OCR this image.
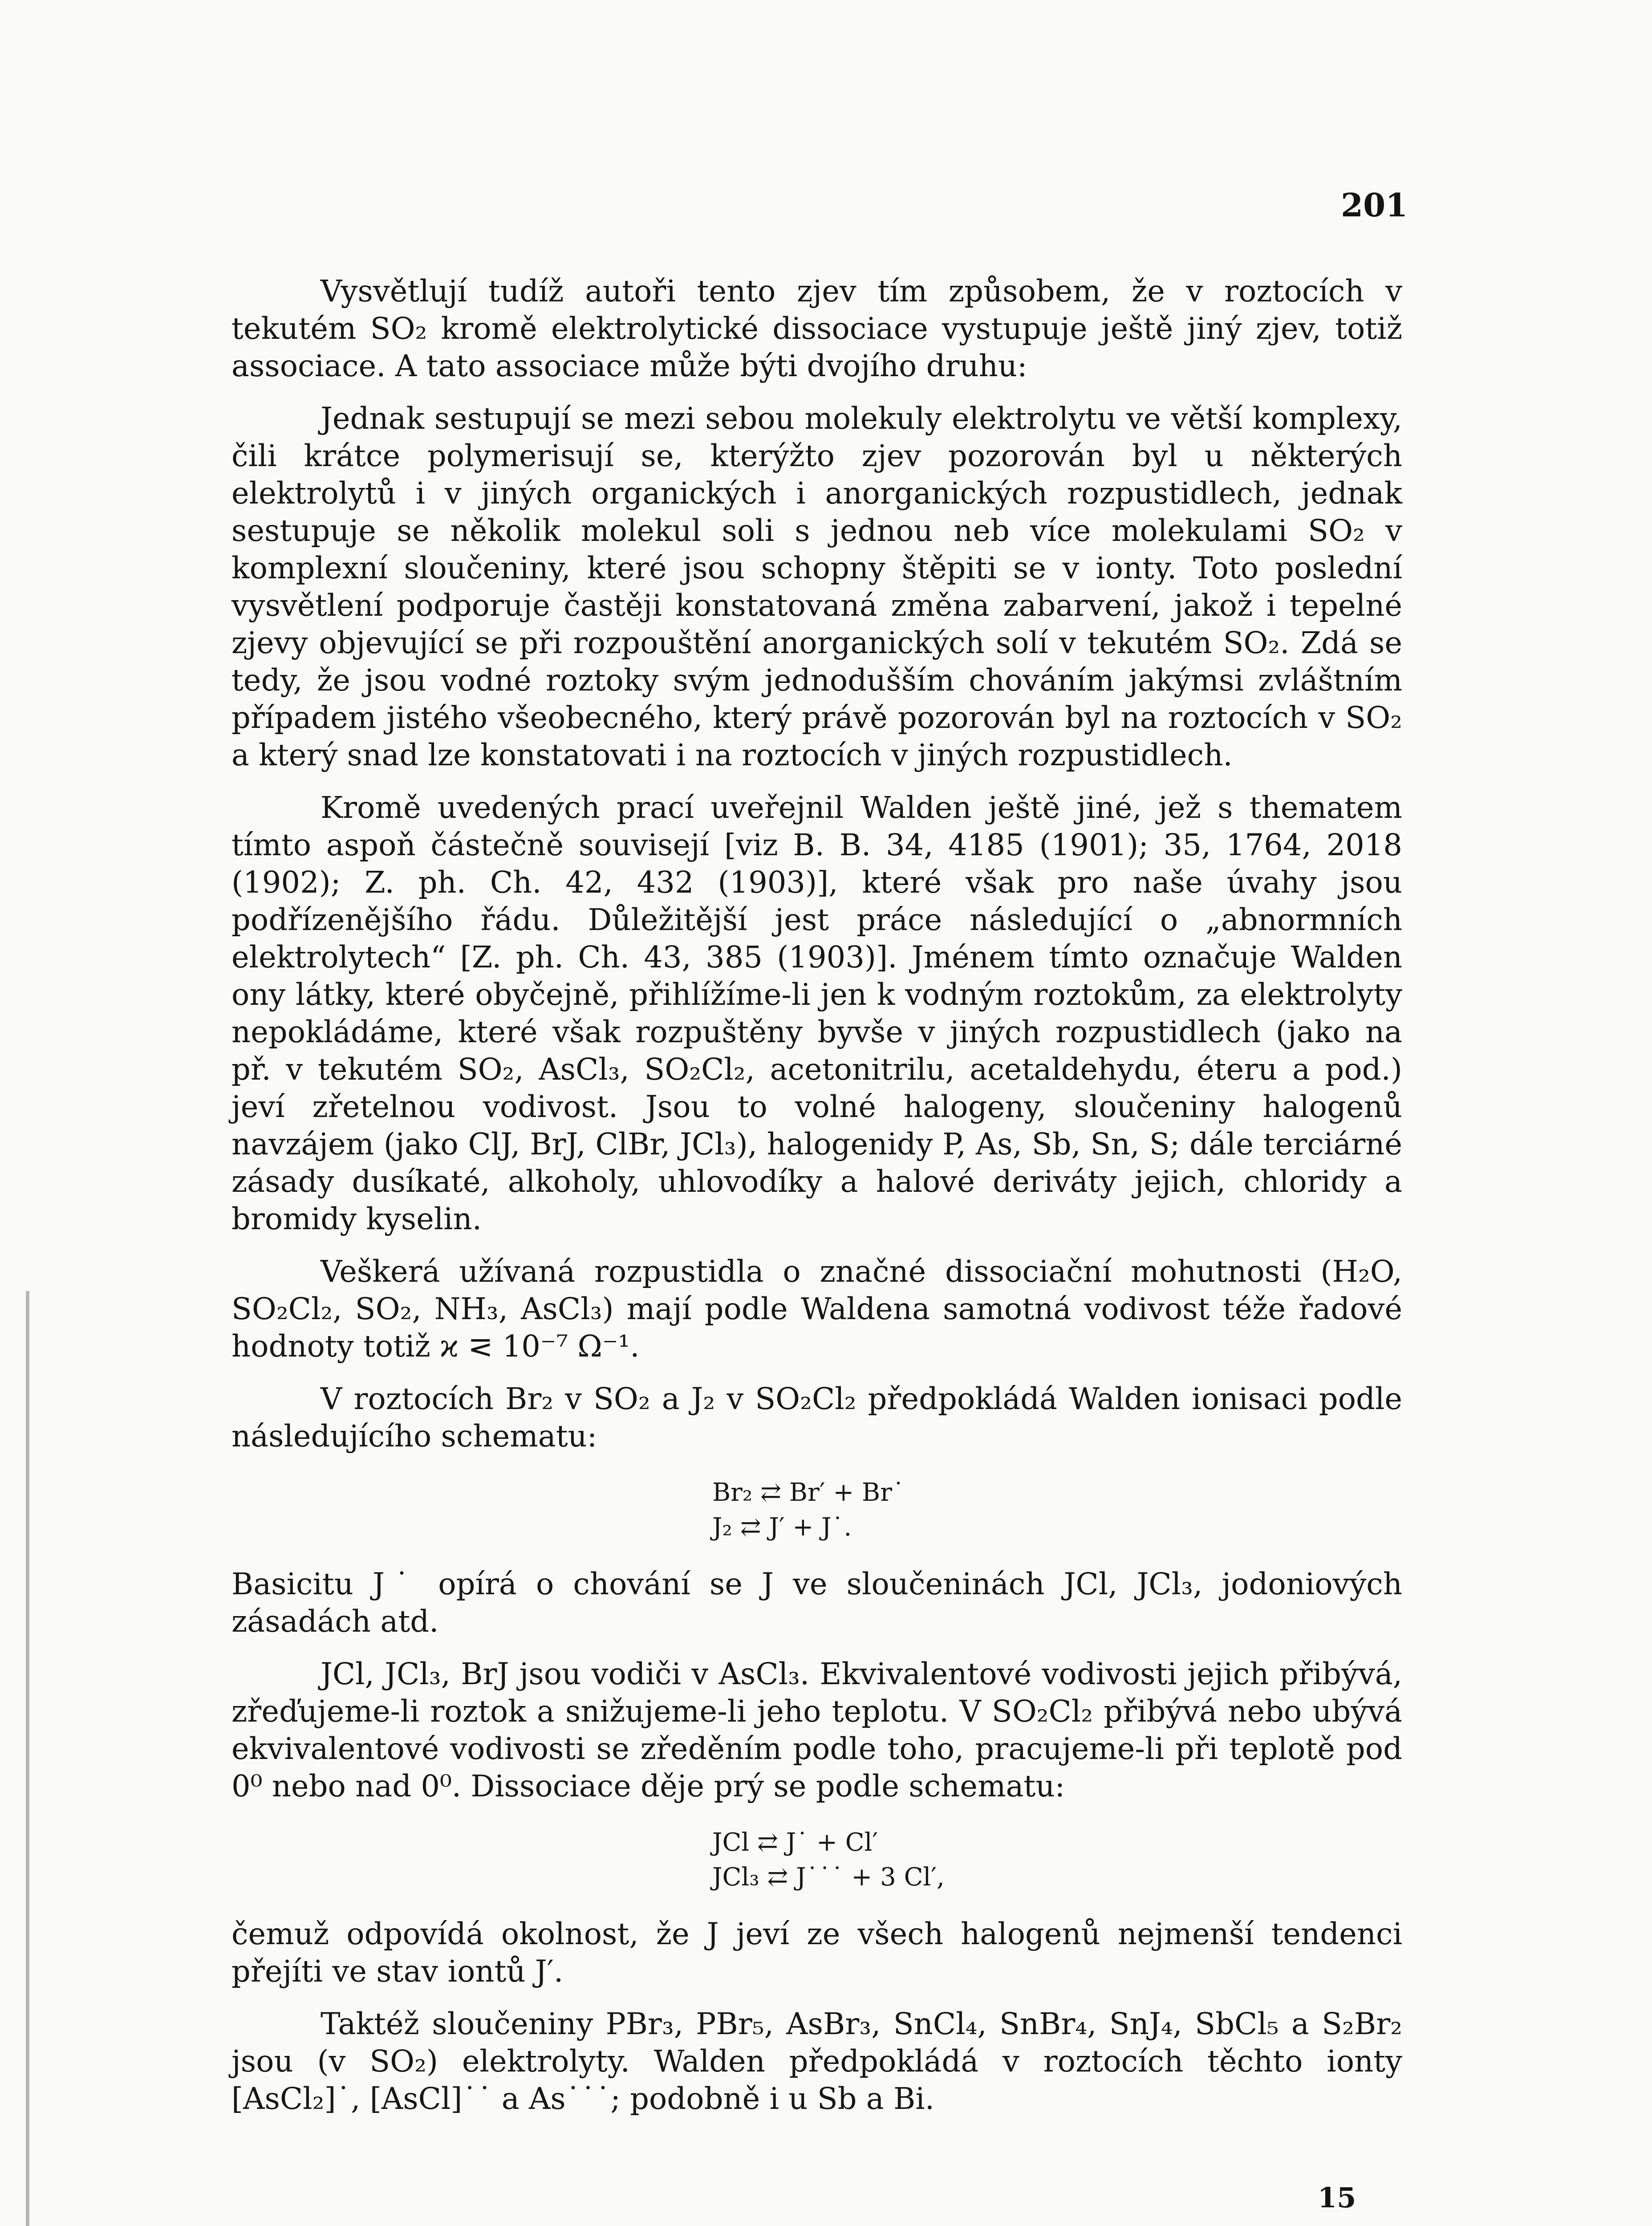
201

Vysvětlují tudíž autoři tento zjev tím způsobem, že v roztocích v tekutém SO₂ kromě elektrolytické dissociace vystupuje ještě jiný zjev, totiž associace. A tato associace může býti dvojího druhu:

Jednak sestupují se mezi sebou molekuly elektrolytu ve větší komplexy, čili krátce polymerisují se, kterýžto zjev pozorován byl u některých elektrolytů i v jiných organických i anorganických rozpustidlech, jednak sestupuje se několik molekul soli s jednou neb více molekulami SO₂ v komplexní sloučeniny, které jsou schopny štěpiti se v ionty. Toto poslední vysvětlení podporuje častěji konstatovaná změna zabarvení, jakož i tepelné zjevy objevující se při rozpouštění anorganických solí v tekutém SO₂. Zdá se tedy, že jsou vodné roztoky svým jednodušším chováním jakýmsi zvláštním případem jistého všeobecného, který právě pozorován byl na roztocích v SO₂ a který snad lze konstatovati i na roztocích v jiných rozpustidlech.

Kromě uvedených prací uveřejnil Walden ještě jiné, jež s thematem tímto aspoň částečně souvisejí [viz B. B. 34, 4185 (1901); 35, 1764, 2018 (1902); Z. ph. Ch. 42, 432 (1903)], které však pro naše úvahy jsou podřízenějšího řádu. Důležitější jest práce následující o „abnormních elektrolytech“ [Z. ph. Ch. 43, 385 (1903)]. Jménem tímto označuje Walden ony látky, které obyčejně, přihlížíme-li jen k vodným roztokům, za elektrolyty nepokládáme, které však rozpuštěny byvše v jiných rozpustidlech (jako na př. v tekutém SO₂, AsCl₃, SO₂Cl₂, acetonitrilu, acetaldehydu, éteru a pod.) jeví zřetelnou vodivost. Jsou to volné halogeny, sloučeniny halogenů navzájem (jako ClJ, BrJ, ClBr, JCl₃), halogenidy P, As, Sb, Sn, S; dále terciárné zásady dusíkaté, alkoholy, uhlovodíky a halové deriváty jejich, chloridy a bromidy kyselin.

Veškerá užívaná rozpustidla o značné dissociační mohutnosti (H₂O, SO₂Cl₂, SO₂, NH₃, AsCl₃) mají podle Waldena samotná vodivost téže řadové hodnoty totiž ϰ ⋜ 10⁻⁷ Ω⁻¹.

V roztocích Br₂ v SO₂ a J₂ v SO₂Cl₂ předpokládá Walden ionisaci podle následujícího schematu:

Br₂ ⇄ Br′ + Br˙
J₂ ⇄ J′ + J˙.

Basicitu J˙ opírá o chování se J ve sloučeninách JCl, JCl₃, jodoniových zásadách atd.

JCl, JCl₃, BrJ jsou vodiči v AsCl₃. Ekvivalentové vodivosti jejich přibývá, zřeďujeme-li roztok a snižujeme-li jeho teplotu. V SO₂Cl₂ přibývá nebo ubývá ekvivalentové vodivosti se zředěním podle toho, pracujeme-li při teplotě pod 0⁰ nebo nad 0⁰. Dissociace děje prý se podle schematu:

JCl ⇄ J˙ + Cl′
JCl₃ ⇄ J˙˙˙ + 3 Cl′,

čemuž odpovídá okolnost, že J jeví ze všech halogenů nejmenší tendenci přejíti ve stav iontů J′.

Taktéž sloučeniny PBr₃, PBr₅, AsBr₃, SnCl₄, SnBr₄, SnJ₄, SbCl₅ a S₂Br₂ jsou (v SO₂) elektrolyty. Walden předpokládá v roztocích těchto ionty [AsCl₂]˙, [AsCl]˙˙ a As˙˙˙; podobně i u Sb a Bi.

15
